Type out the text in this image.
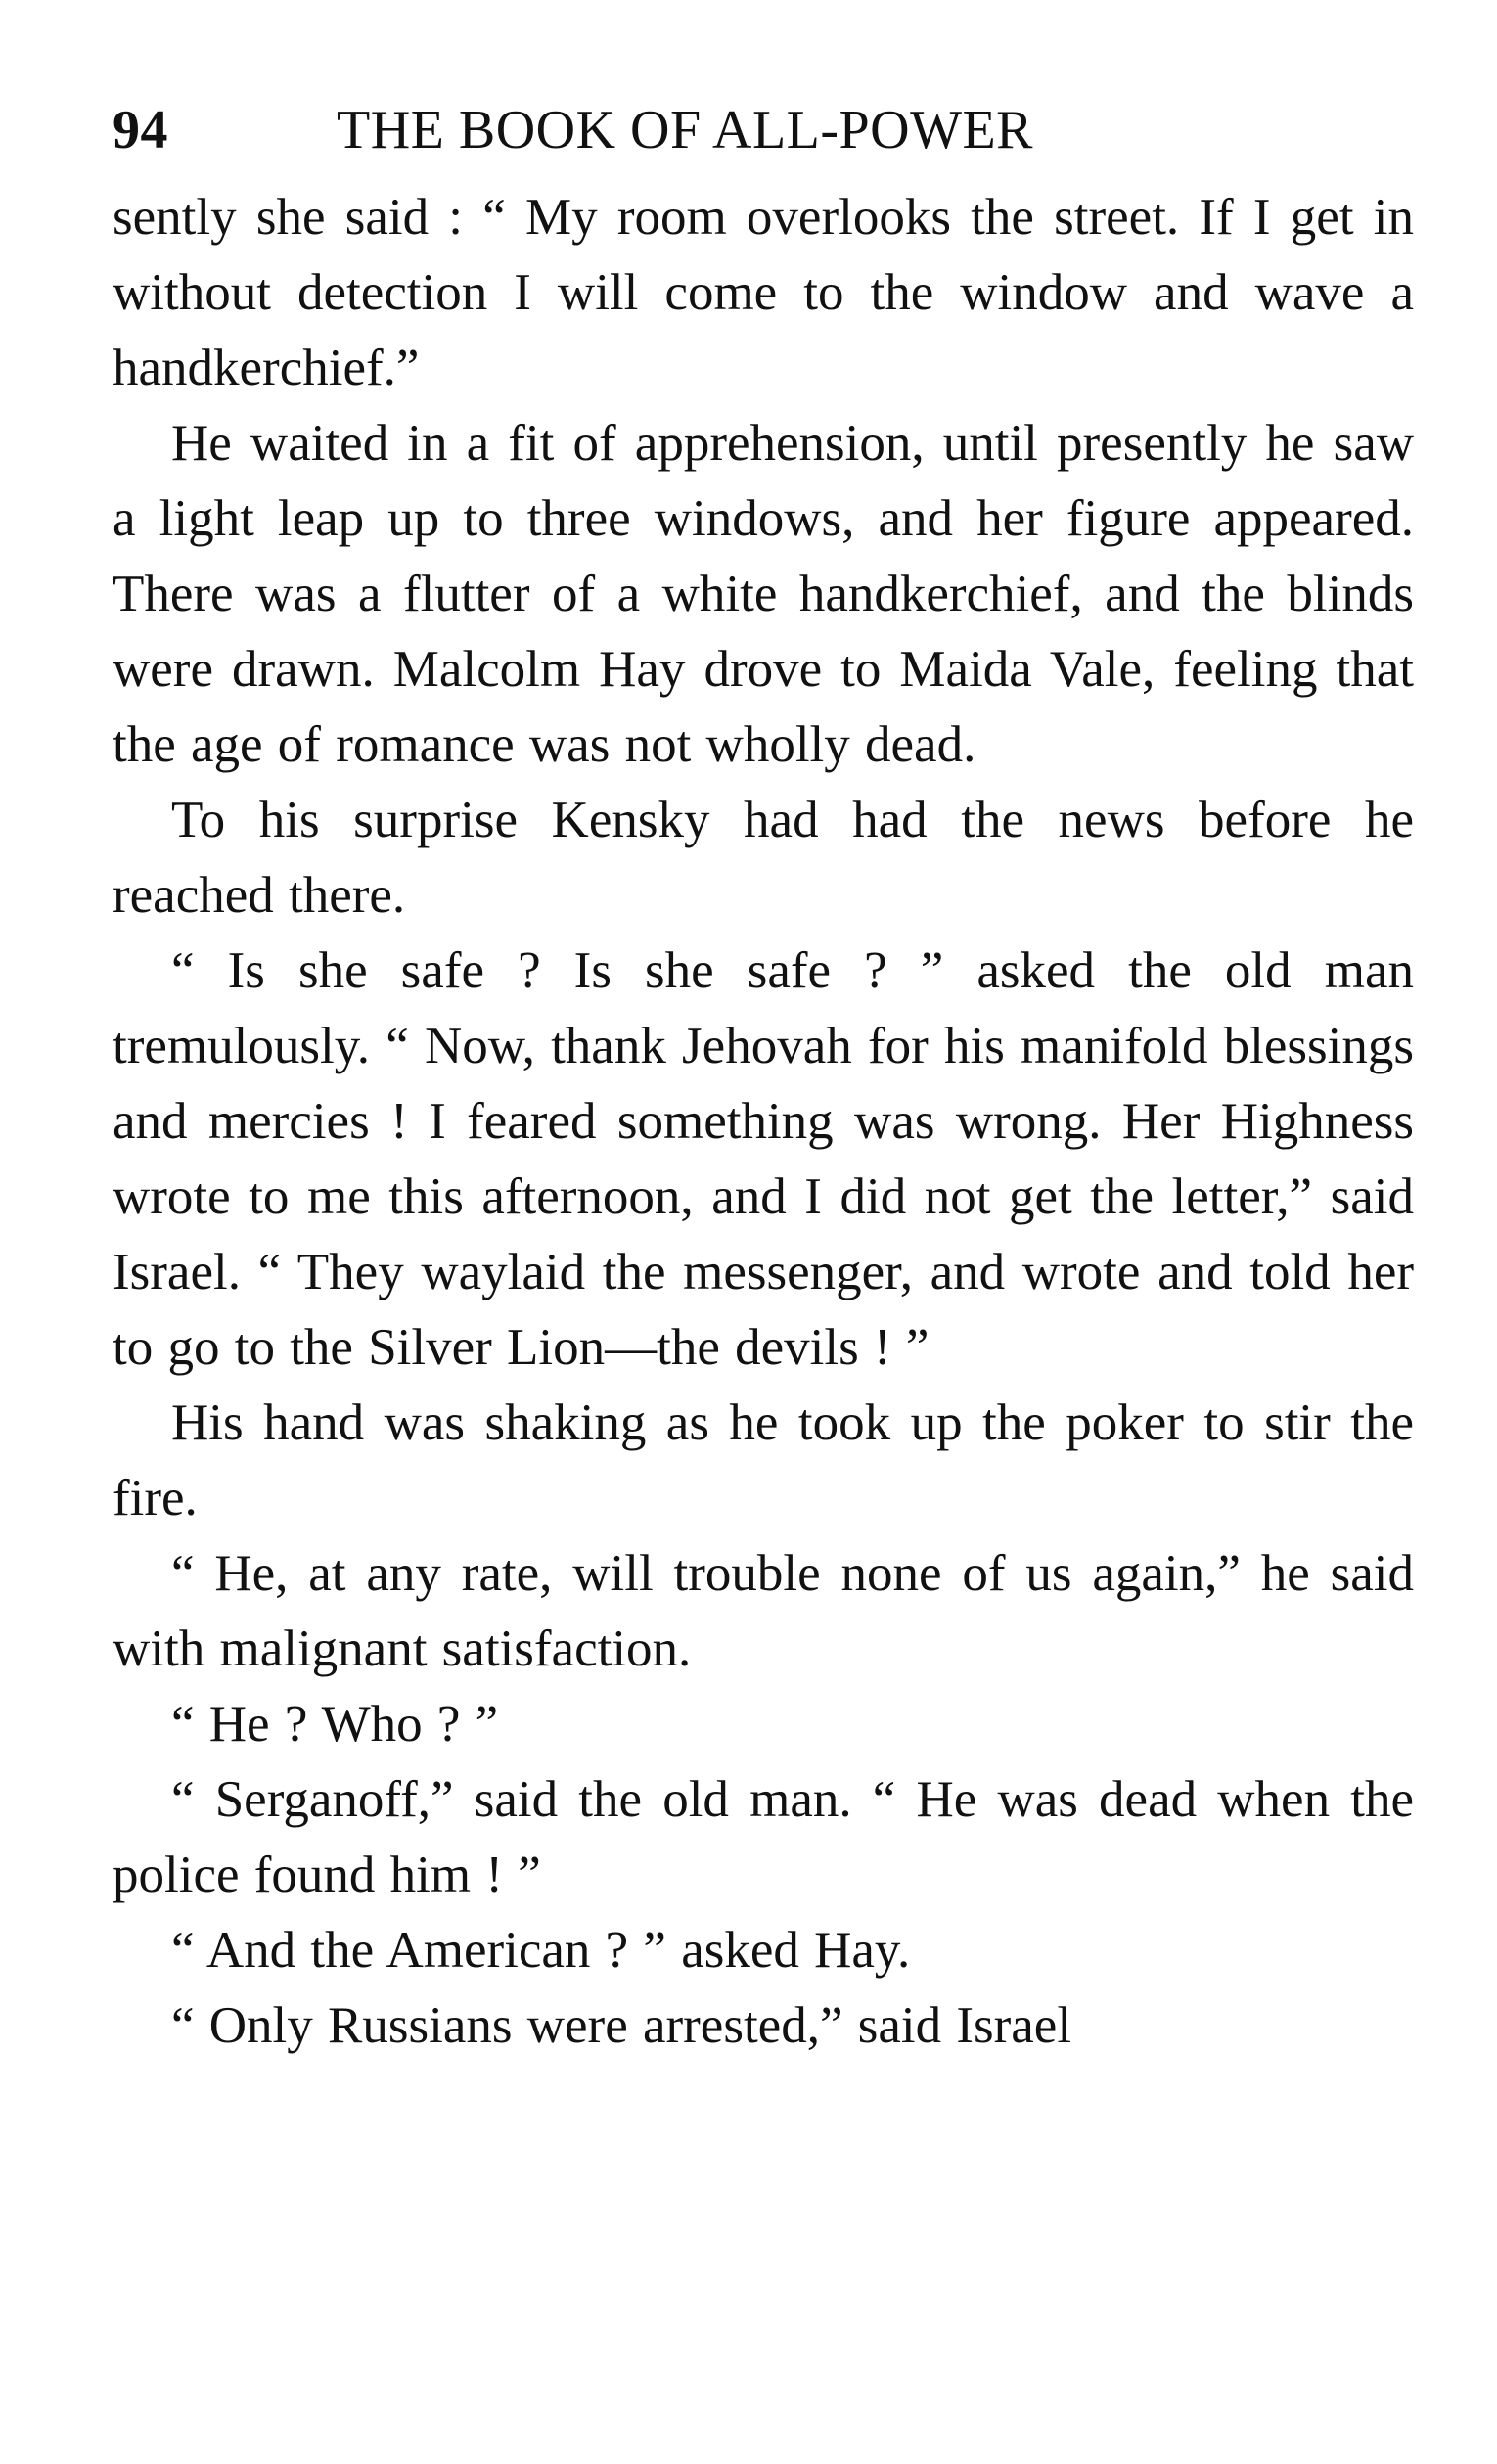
94	THE BOOK OF ALL-POWER

sently she said : “ My room overlooks the street. If I get in without detection I will come to the window and wave a handkerchief.”

He waited in a fit of apprehension, until presently he saw a light leap up to three windows, and her figure appeared. There was a flutter of a white handkerchief, and the blinds were drawn. Malcolm Hay drove to Maida Vale, feeling that the age of romance was not wholly dead.

To his surprise Kensky had had the news before he reached there.

“ Is she safe ? Is she safe ? ” asked the old man tremulously. “ Now, thank Jehovah for his manifold blessings and mercies ! I feared something was wrong. Her Highness wrote to me this afternoon, and I did not get the letter,” said Israel. “ They waylaid the messenger, and wrote and told her to go to the Silver Lion—the devils ! ”

His hand was shaking as he took up the poker to stir the fire.

“ He, at any rate, will trouble none of us again,” he said with malignant satisfaction.

“ He ? Who ? ”

“ Serganoff,” said the old man. “ He was dead when the police found him ! ”

“ And the American ? ” asked Hay.

“ Only Russians were arrested,” said Israel
